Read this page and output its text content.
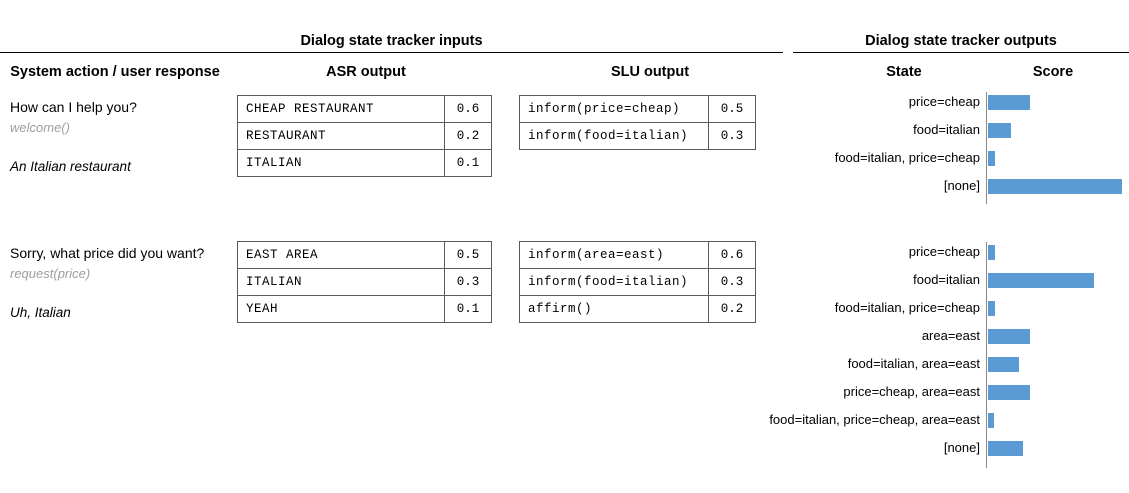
Dialog state tracker inputs	Dialog state tracker outputs
System action / user response	ASR output	SLU output	State	Score
How can I help you?
welcome()
An Italian restaurant
CHEAP RESTAURANT	0.6
RESTAURANT	0.2
ITALIAN	0.1
inform(price=cheap)	0.5
inform(food=italian)	0.3
price=cheap
food=italian
food=italian, price=cheap
[none]
Sorry, what price did you want?
request(price)
Uh, Italian
EAST AREA	0.5
ITALIAN	0.3
YEAH	0.1
inform(area=east)	0.6
inform(food=italian)	0.3
affirm()	0.2
price=cheap
food=italian
food=italian, price=cheap
area=east
food=italian, area=east
price=cheap, area=east
food=italian, price=cheap, area=east
[none]
